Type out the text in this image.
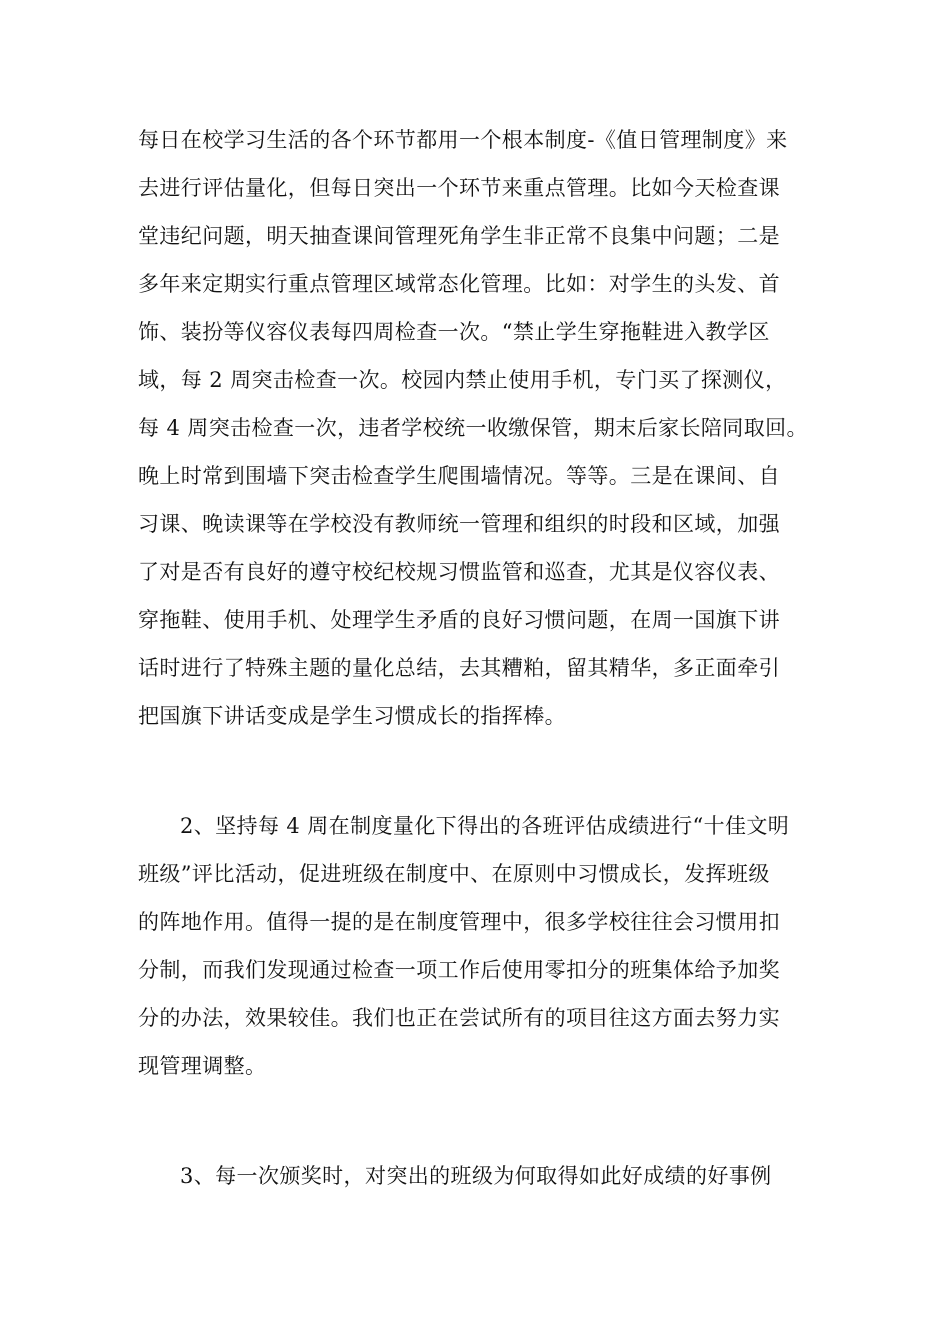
每日在校学习生活的各个环节都用一个根本制度-《值日管理制度》来
去进行评估量化，但每日突出一个环节来重点管理。比如今天检查课
堂违纪问题，明天抽查课间管理死角学生非正常不良集中问题；二是
多年来定期实行重点管理区域常态化管理。比如：对学生的头发、首
饰、装扮等仪容仪表每四周检查一次。“禁止学生穿拖鞋进入教学区
域，每 2 周突击检查一次。校园内禁止使用手机，专门买了探测仪，
每 4 周突击检查一次，违者学校统一收缴保管，期末后家长陪同取回。
晚上时常到围墙下突击检查学生爬围墙情况。等等。三是在课间、自
习课、晚读课等在学校没有教师统一管理和组织的时段和区域，加强
了对是否有良好的遵守校纪校规习惯监管和巡查，尤其是仪容仪表、
穿拖鞋、使用手机、处理学生矛盾的良好习惯问题，在周一国旗下讲
话时进行了特殊主题的量化总结，去其糟粕，留其精华，多正面牵引
把国旗下讲话变成是学生习惯成长的指挥棒。
2、坚持每 4 周在制度量化下得出的各班评估成绩进行“十佳文明
班级”评比活动，促进班级在制度中、在原则中习惯成长，发挥班级
的阵地作用。值得一提的是在制度管理中，很多学校往往会习惯用扣
分制，而我们发现通过检查一项工作后使用零扣分的班集体给予加奖
分的办法，效果较佳。我们也正在尝试所有的项目往这方面去努力实
现管理调整。
3、每一次颁奖时，对突出的班级为何取得如此好成绩的好事例
